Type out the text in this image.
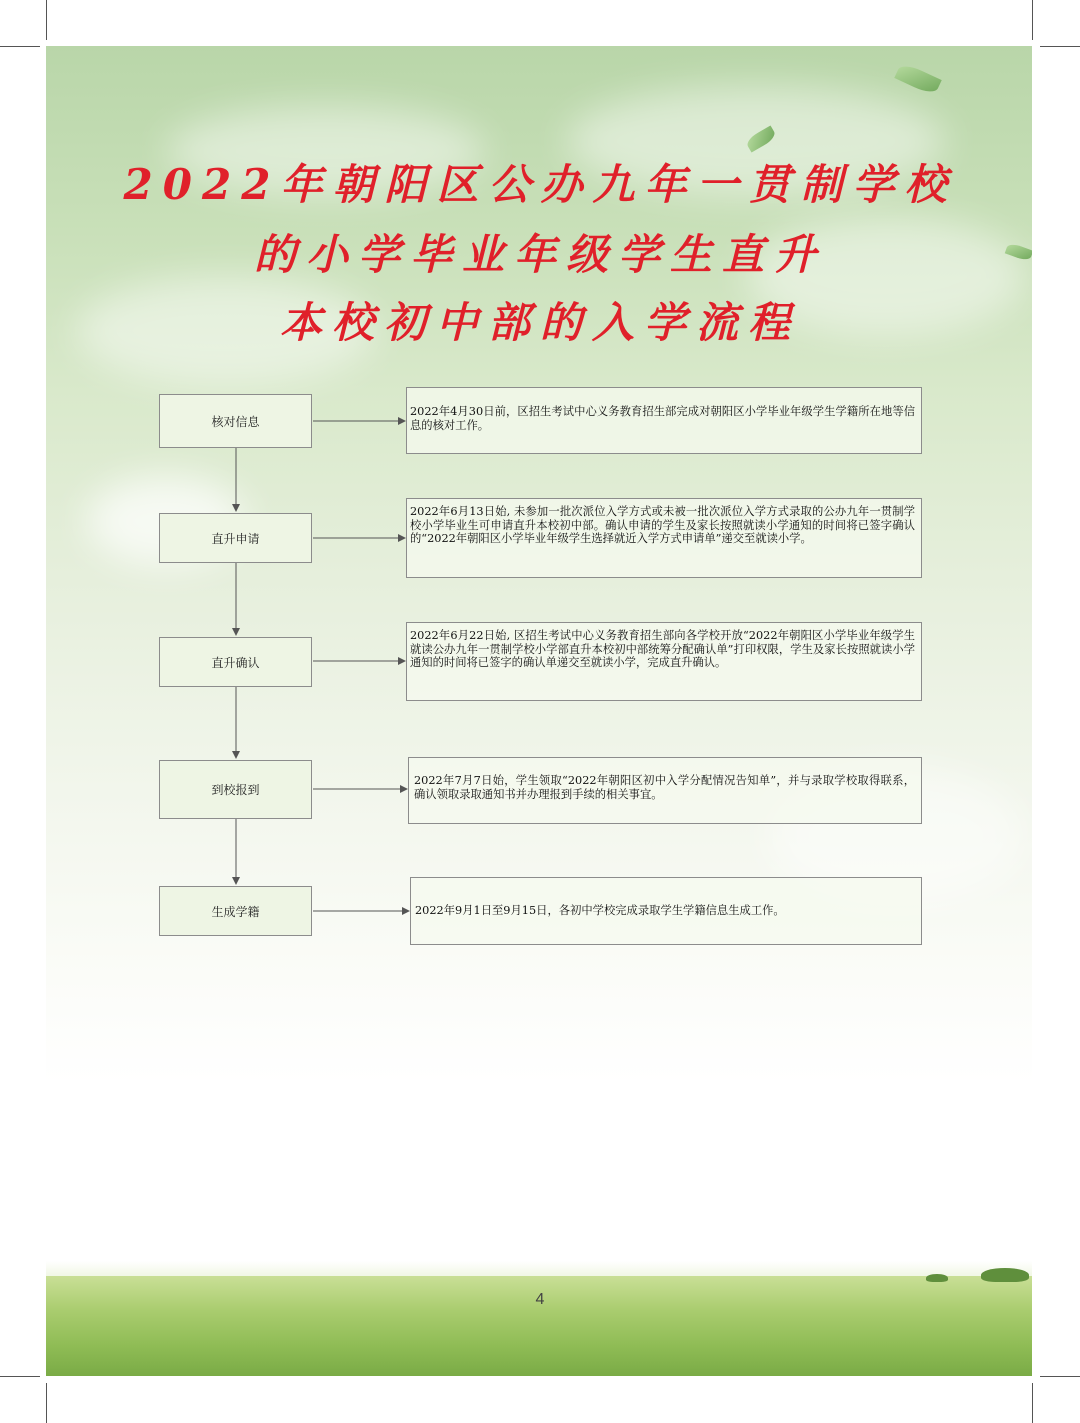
2022年朝阳区公办九年一贯制学校
的小学毕业年级学生直升
本校初中部的入学流程
核对信息
直升申请
直升确认
到校报到
生成学籍
2022年4月30日前，区招生考试中心义务教育招生部完成对朝阳区小学毕业年级学生学籍所在地等信息的核对工作。
2022年6月13日始, 未参加一批次派位入学方式或未被一批次派位入学方式录取的公办九年一贯制学校小学毕业生可申请直升本校初中部。确认申请的学生及家长按照就读小学通知的时间将已签字确认的“2022年朝阳区小学毕业年级学生选择就近入学方式申请单”递交至就读小学。
2022年6月22日始, 区招生考试中心义务教育招生部向各学校开放“2022年朝阳区小学毕业年级学生就读公办九年一贯制学校小学部直升本校初中部统筹分配确认单”打印权限，学生及家长按照就读小学通知的时间将已签字的确认单递交至就读小学，完成直升确认。
2022年7月7日始，学生领取“2022年朝阳区初中入学分配情况告知单”，并与录取学校取得联系，确认领取录取通知书并办理报到手续的相关事宜。
2022年9月1日至9月15日，各初中学校完成录取学生学籍信息生成工作。
4
